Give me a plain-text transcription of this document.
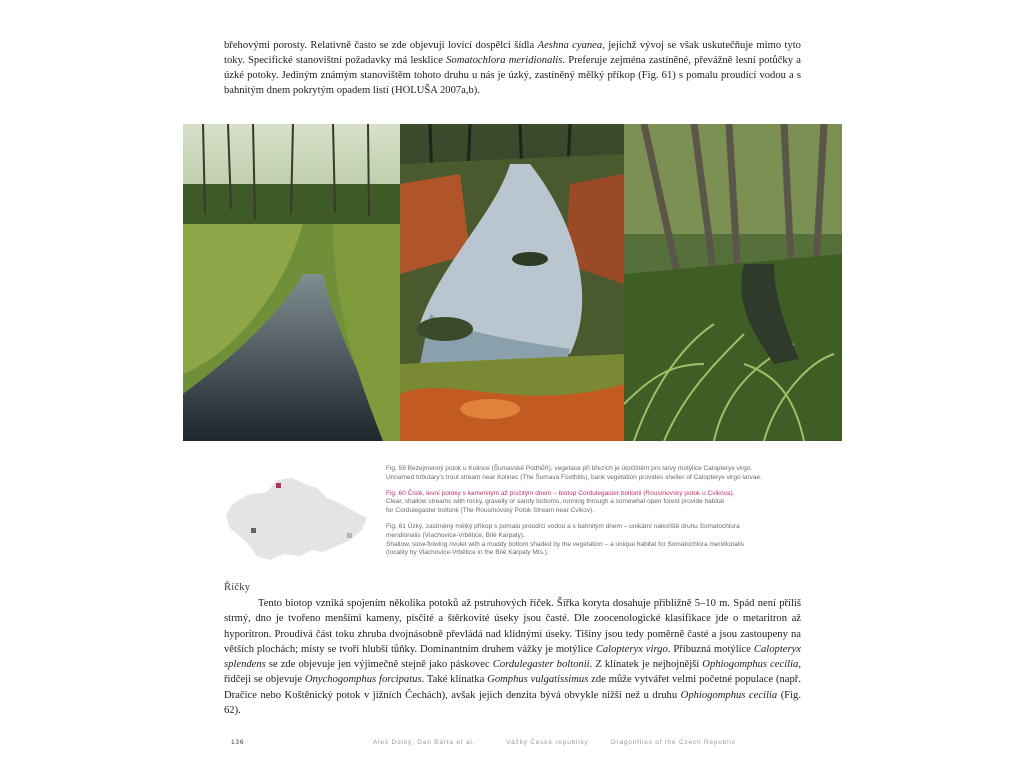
břehovými porosty. Relativně často se zde objevují lovící dospělci šídla Aeshna cyanea, jejichž vývoj se však uskutečňuje mimo tyto toky. Specifické stanovištní požadavky má lesklice Somatochlora meridionalis. Preferuje zejména zastíněné, převážně lesní potůčky a úzké potoky. Jediným známým stanovištěm tohoto druhu u nás je úzký, zastíněný mělký příkop (Fig. 61) s pomalu proudící vodou a s bahnitým dnem pokrytým opadem listí (HOLUŠA 2007a,b).

Fig. 59 Bezejmenný potok u Kolince (Šumavské Podhůří), vegetace při březích je útočištěm pro larvy motýlice Calopteryx virgo.
Unnamed tributary's trout stream near Kolinec (The Šumava Foothills), bank vegetation provides shelter of Calopteryx virgo larvae.

Fig. 60 Čisté, lesní potoky s kamenitým až písčitým dnem – biotop Cordulegaster boltonii (Rousínovský potok u Cvikova).
Clear, shallow streams with rocky, gravelly or sandy bottoms, running through a somewhat open forest provide habitat
for Cordulegaster boltonii (The Rousínovský Potok Stream near Cvikov).

Fig. 61 Úzký, zastíněný mělký příkop s pomalu proudící vodou a s bahnitým dnem – unikátní naleziště druhu Somatochlora
meridionalis (Vlachovice-Vrbětice, Bílé Karpaty).
Shallow, slow-flowing rivulet with a muddy bottom shaded by the vegetation – a unique habitat for Somatochlora meridionalis
(locality by Vlachovice-Vrbětice in the Bílé Karpaty Mts.).

Říčky

Tento biotop vzniká spojením několika potoků až pstruhových říček. Šířka koryta dosahuje přibližně 5–10 m. Spád není příliš strmý, dno je tvořeno menšími kameny, písčité a štěrkovité úseky jsou časté. Dle zoocenologické klasifikace jde o metaritron až hyporitron. Proudivá část toku zhruba dvojnásobně převládá nad klidnými úseky. Tišiny jsou tedy poměrně časté a jsou zastoupeny na větších plochách; místy se tvoří hlubší tůňky. Dominantním druhem vážky je motýlice Calopteryx virgo. Příbuzná motýlice Calopteryx splendens se zde objevuje jen výjimečně stejně jako páskovec Cordulegaster boltonii. Z klínatek je nejhojnější Ophiogomphus cecilia, řidčeji se objevuje Onychogomphus forcipatus. Také klínatka Gomphus vulgatissimus zde může vytvářet velmi početné populace (např. Dračice nebo Koštěnický potok v jižních Čechách), avšak jejich denzita bývá obvykle nižší než u druhu Ophiogomphus cecilia (Fig. 62).

136	Aleš Dolný, Dan Bárta et al.	Vážky České republiky	Dragonflies of the Czech Republic
